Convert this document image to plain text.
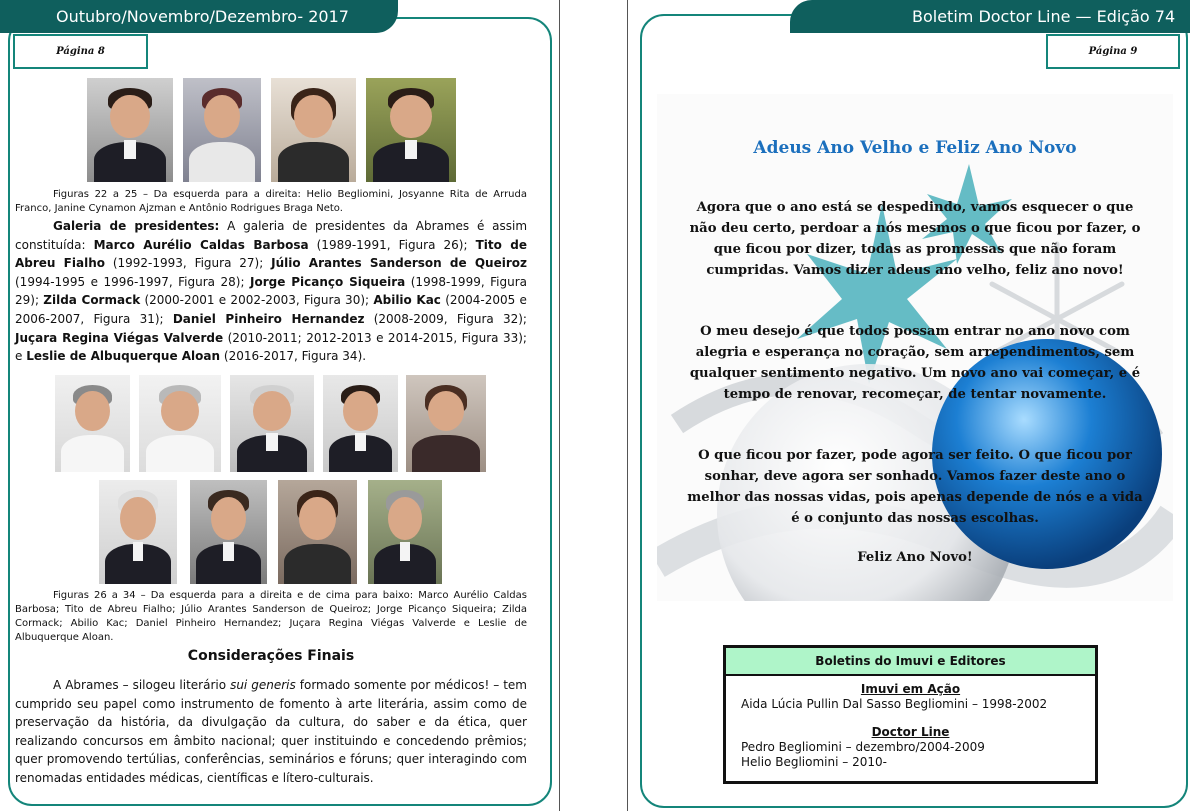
Outubro/Novembro/Dezembro- 2017
Página 8
Figuras 22 a 25 – Da esquerda para a direita: Helio Begliomini, Josyanne Rita de Arruda Franco, Janine Cynamon Ajzman e Antônio Rodrigues Braga Neto.

Galeria de presidentes: A galeria de presidentes da Abrames é assim constituída: Marco Aurélio Caldas Barbosa (1989-1991, Figura 26); Tito de Abreu Fialho (1992-1993, Figura 27); Júlio Arantes Sanderson de Queiroz (1994-1995 e 1996-1997, Figura 28); Jorge Picanço Siqueira (1998-1999, Figura 29); Zilda Cormack (2000-2001 e 2002-2003, Figura 30); Abilio Kac (2004-2005 e 2006-2007, Figura 31); Daniel Pinheiro Hernandez (2008-2009, Figura 32); Juçara Regina Viégas Valverde (2010-2011; 2012-2013 e 2014-2015, Figura 33); e Leslie de Albuquerque Aloan (2016-2017, Figura 34).

Figuras 26 a 34 – Da esquerda para a direita e de cima para baixo: Marco Aurélio Caldas Barbosa; Tito de Abreu Fialho; Júlio Arantes Sanderson de Queiroz; Jorge Picanço Siqueira; Zilda Cormack; Abilio Kac; Daniel Pinheiro Hernandez; Juçara Regina Viégas Valverde e Leslie de Albuquerque Aloan.
Considerações Finais

A Abrames – silogeu literário sui generis formado somente por médicos! – tem cumprido seu papel como instrumento de fomento à arte literária, assim como de preservação da história, da divulgação da cultura, do saber e da ética, quer realizando concursos em âmbito nacional; quer instituindo e concedendo prêmios; quer promovendo tertúlias, conferências, seminários e fóruns; quer interagindo com renomadas entidades médicas, científicas e lítero-culturais.

Boletim Doctor Line — Edição 74
Página 9
Adeus Ano Velho e Feliz Ano Novo
Agora que o ano está se despedindo, vamos esquecer o que não deu certo, perdoar a nós mesmos o que ficou por fazer, o que ficou por dizer, todas as promessas que não foram cumpridas. Vamos dizer adeus ano velho, feliz ano novo!
O meu desejo é que todos possam entrar no ano novo com alegria e esperança no coração, sem arrependimentos, sem qualquer sentimento negativo. Um novo ano vai começar, e é tempo de renovar, recomeçar, de tentar novamente.
O que ficou por fazer, pode agora ser feito. O que ficou por sonhar, deve agora ser sonhado. Vamos fazer deste ano o melhor das nossas vidas, pois apenas depende de nós e a vida é o conjunto das nossas escolhas.
Feliz Ano Novo!
Boletins do Imuvi e Editores
Imuvi em Ação
Aida Lúcia Pullin Dal Sasso Begliomini – 1998-2002
Doctor Line
Pedro Begliomini – dezembro/2004-2009
Helio Begliomini – 2010-
